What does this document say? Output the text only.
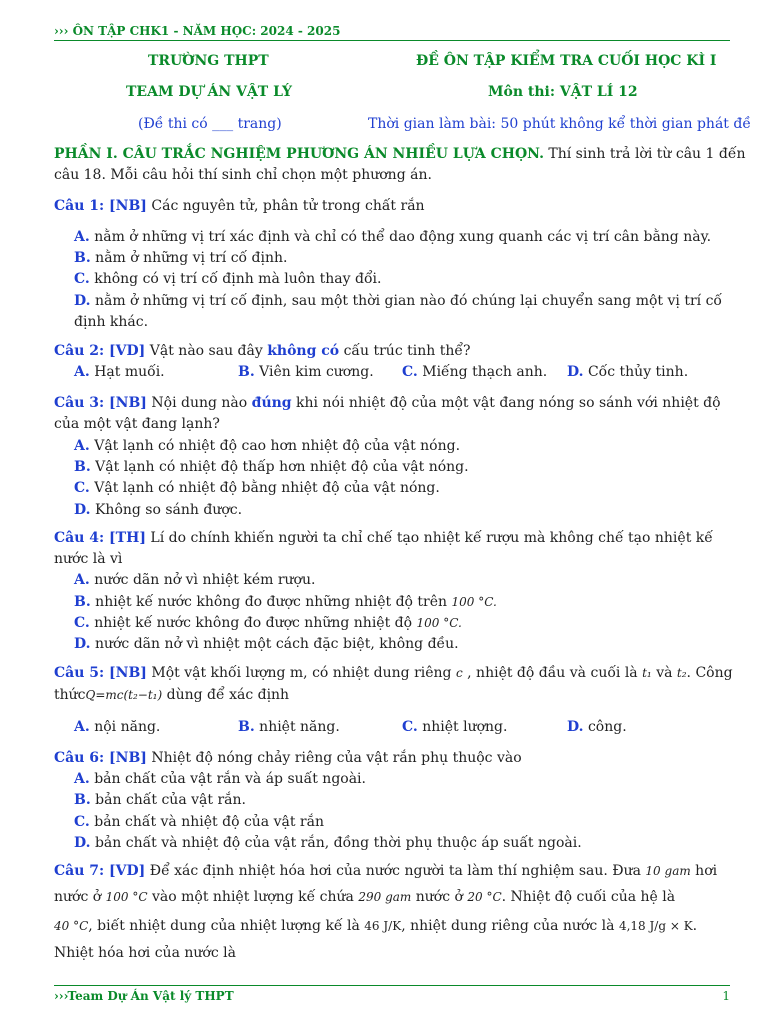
››› ÔN TẬP CHK1 - NĂM HỌC: 2024 - 2025
TRƯỜNG THPT	ĐỀ ÔN TẬP KIỂM TRA CUỐI HỌC KÌ I
TEAM DỰ ÁN VẬT LÝ	Môn thi: VẬT LÍ 12
(Đề thi có ___ trang)	Thời gian làm bài: 50 phút không kể thời gian phát đề
PHẦN I. CÂU TRẮC NGHIỆM PHƯƠNG ÁN NHIỀU LỰA CHỌN. Thí sinh trả lời từ câu 1 đến
câu 18. Mỗi câu hỏi thí sinh chỉ chọn một phương án.
Câu 1: [NB] Các nguyên tử, phân tử trong chất rắn
A. nằm ở những vị trí xác định và chỉ có thể dao động xung quanh các vị trí cân bằng này.
B. nằm ở những vị trí cố định.
C. không có vị trí cố định mà luôn thay đổi.
D. nằm ở những vị trí cố định, sau một thời gian nào đó chúng lại chuyển sang một vị trí cố
định khác.
Câu 2: [VD] Vật nào sau đây không có cấu trúc tinh thể?
A. Hạt muối.	B. Viên kim cương. C. Miếng thạch anh. D. Cốc thủy tinh.
Câu 3: [NB] Nội dung nào đúng khi nói nhiệt độ của một vật đang nóng so sánh với nhiệt độ
của một vật đang lạnh?
A. Vật lạnh có nhiệt độ cao hơn nhiệt độ của vật nóng.
B. Vật lạnh có nhiệt độ thấp hơn nhiệt độ của vật nóng.
C. Vật lạnh có nhiệt độ bằng nhiệt độ của vật nóng.
D. Không so sánh được.
Câu 4: [TH] Lí do chính khiến người ta chỉ chế tạo nhiệt kế rượu mà không chế tạo nhiệt kế
nước là vì
A. nước dãn nở vì nhiệt kém rượu.
B. nhiệt kế nước không đo được những nhiệt độ trên 100 °C.
C. nhiệt kế nước không đo được những nhiệt độ 100 °C.
D. nước dãn nở vì nhiệt một cách đặc biệt, không đều.
Câu 5: [NB] Một vật khối lượng m, có nhiệt dung riêng c , nhiệt độ đầu và cuối là t₁ và t₂. Công
thứcQ=mc(t₂−t₁) dùng để xác định
A. nội năng.	B. nhiệt năng.	C. nhiệt lượng.	D. công.
Câu 6: [NB] Nhiệt độ nóng chảy riêng của vật rắn phụ thuộc vào
A. bản chất của vật rắn và áp suất ngoài.
B. bản chất của vật rắn.
C. bản chất và nhiệt độ của vật rắn
D. bản chất và nhiệt độ của vật rắn, đồng thời phụ thuộc áp suất ngoài.
Câu 7: [VD] Để xác định nhiệt hóa hơi của nước người ta làm thí nghiệm sau. Đưa 10 gam hơi
nước ở 100 °C vào một nhiệt lượng kế chứa 290 gam nước ở 20 °C. Nhiệt độ cuối của hệ là
40 °C, biết nhiệt dung của nhiệt lượng kế là 46 J/K, nhiệt dung riêng của nước là 4,18 J/g × K.
Nhiệt hóa hơi của nước là
›››Team Dự Án Vật lý THPT	1
